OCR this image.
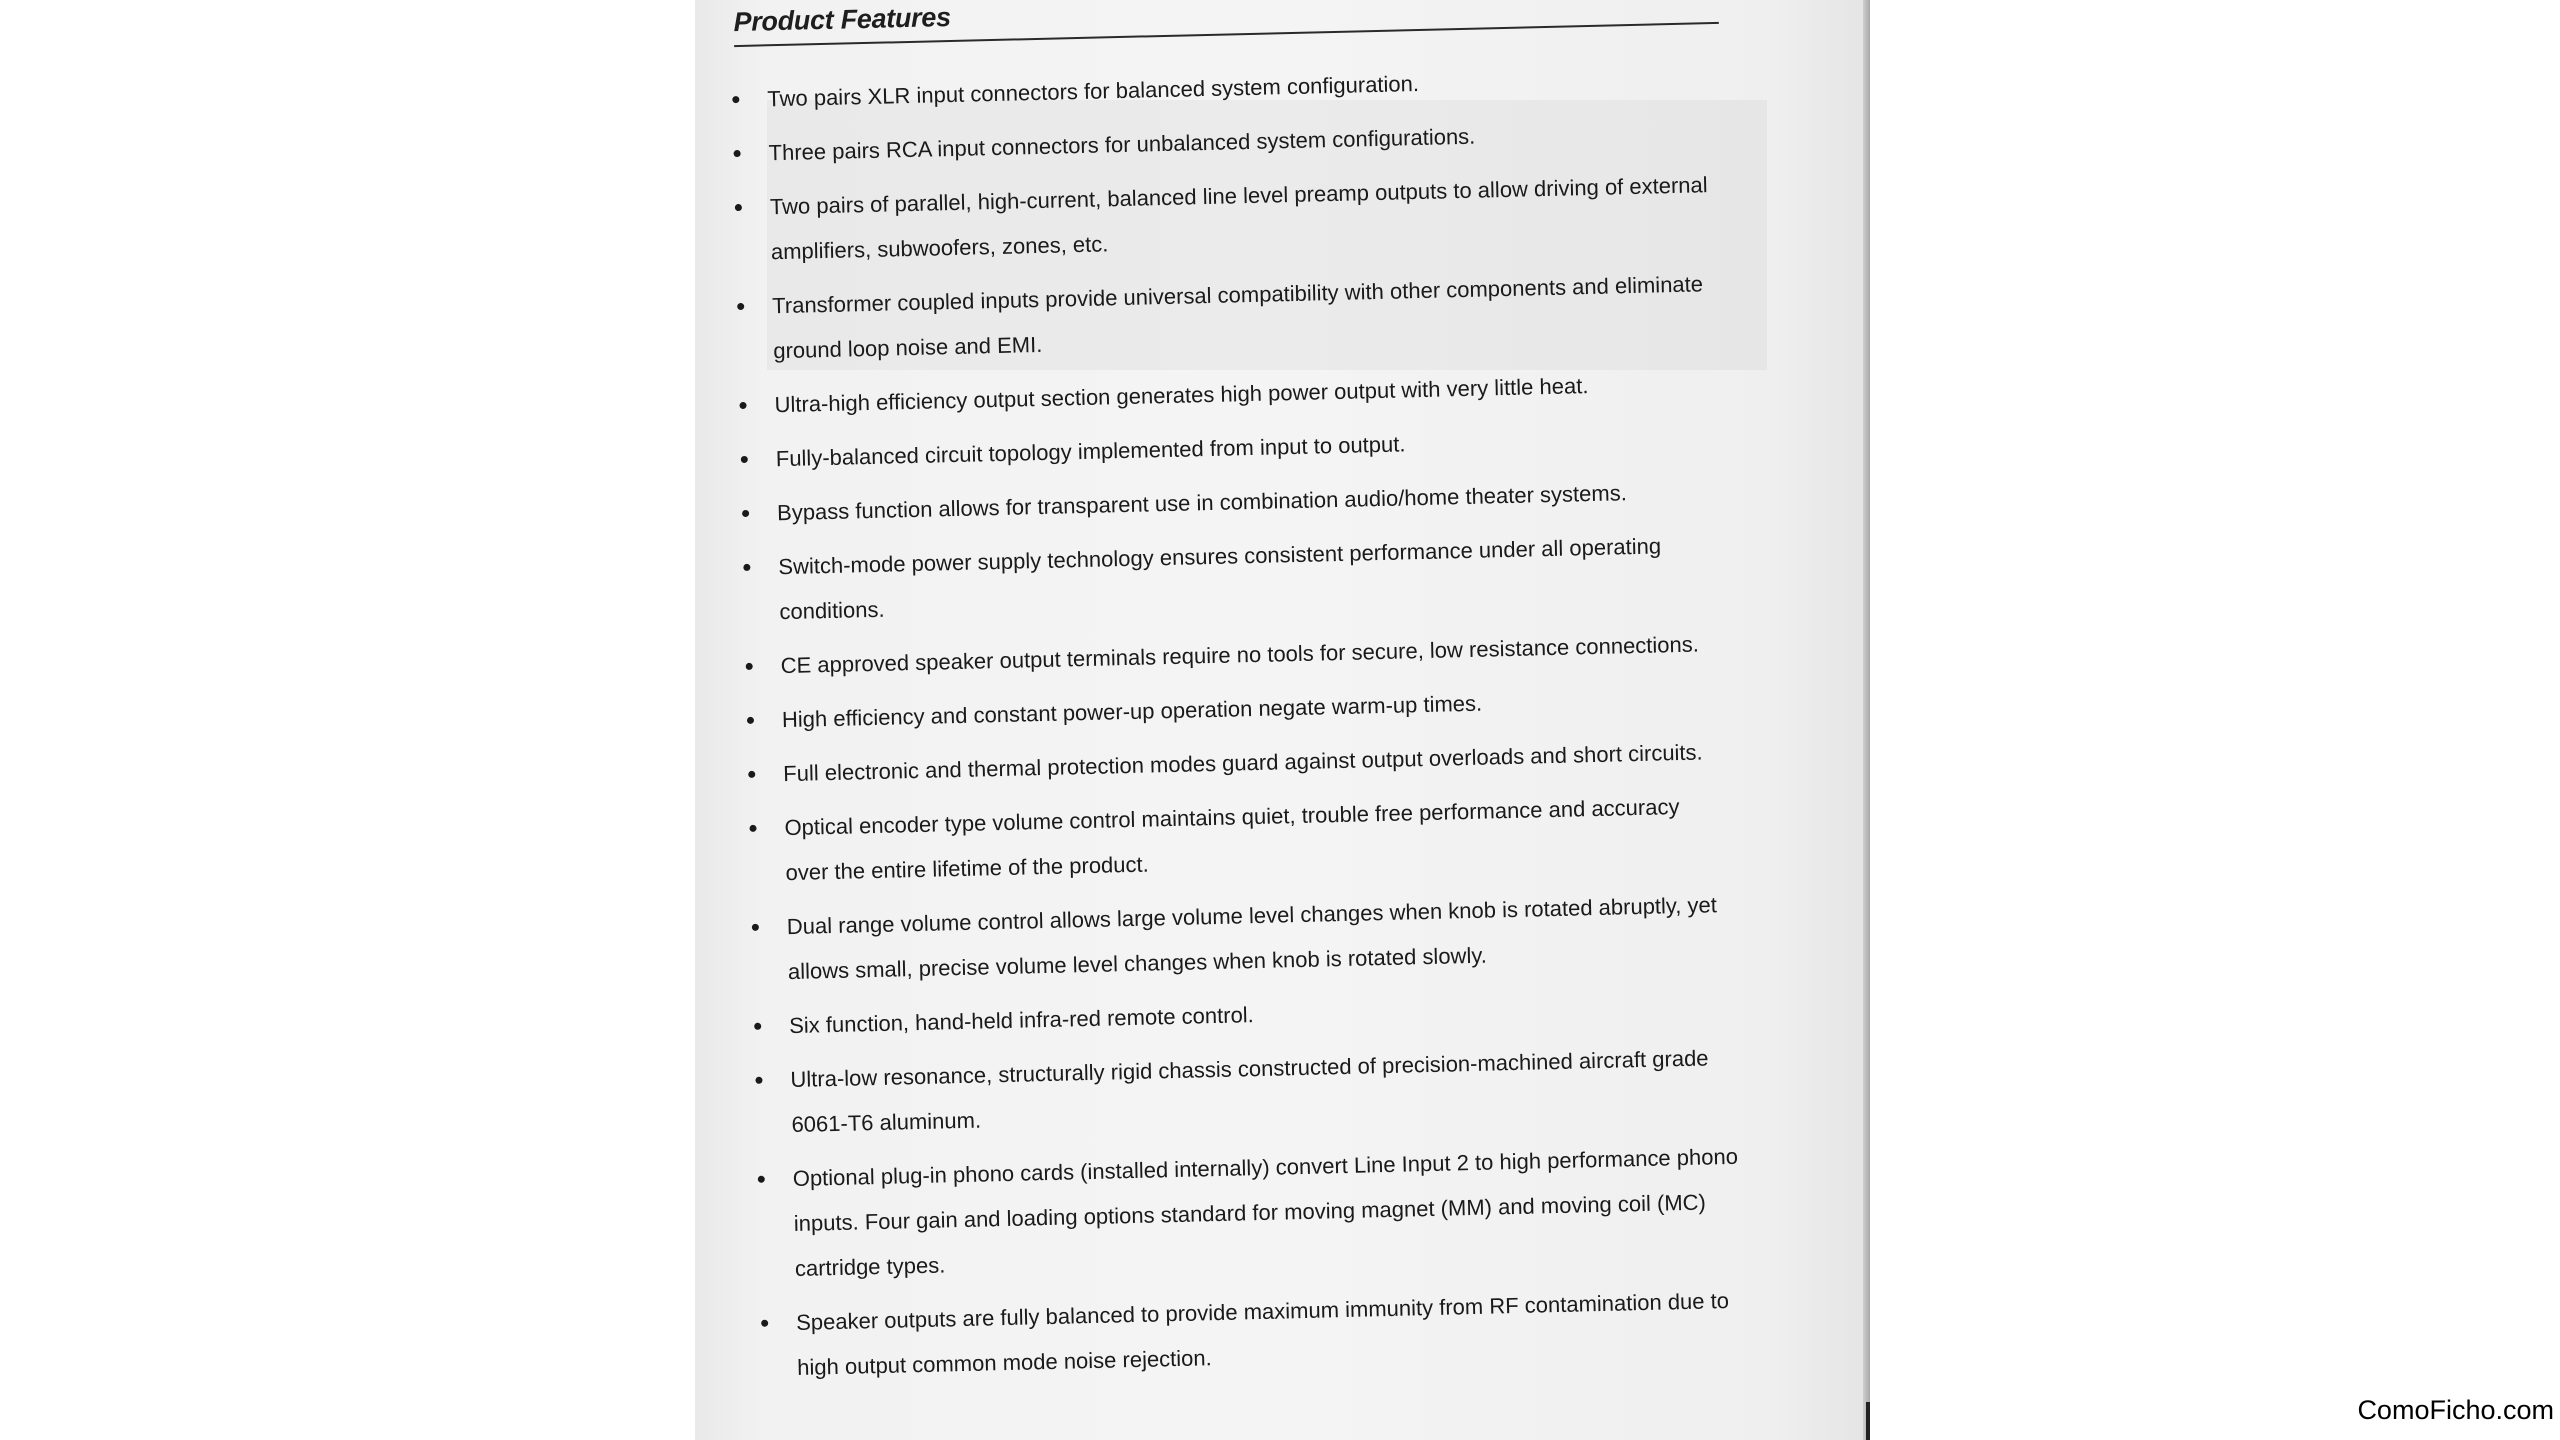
Product Features
Two pairs XLR input connectors for balanced system configuration.
Three pairs RCA input connectors for unbalanced system configurations.
Two pairs of parallel, high-current, balanced line level preamp outputs to allow driving of external
amplifiers, subwoofers, zones, etc.
Transformer coupled inputs provide universal compatibility with other components and eliminate
ground loop noise and EMI.
Ultra-high efficiency output section generates high power output with very little heat.
Fully-balanced circuit topology implemented from input to output.
Bypass function allows for transparent use in combination audio/home theater systems.
Switch-mode power supply technology ensures consistent performance under all operating
conditions.
CE approved speaker output terminals require no tools for secure, low resistance connections.
High efficiency and constant power-up operation negate warm-up times.
Full electronic and thermal protection modes guard against output overloads and short circuits.
Optical encoder type volume control maintains quiet, trouble free performance and accuracy
over the entire lifetime of the product.
Dual range volume control allows large volume level changes when knob is rotated abruptly, yet
allows small, precise volume level changes when knob is rotated slowly.
Six function, hand-held infra-red remote control.
Ultra-low resonance, structurally rigid chassis constructed of precision-machined aircraft grade
6061-T6 aluminum.
Optional plug-in phono cards (installed internally) convert Line Input 2 to high performance phono
inputs. Four gain and loading options standard for moving magnet (MM) and moving coil (MC)
cartridge types.
Speaker outputs are fully balanced to provide maximum immunity from RF contamination due to
high output common mode noise rejection.
ComoFicho.com
